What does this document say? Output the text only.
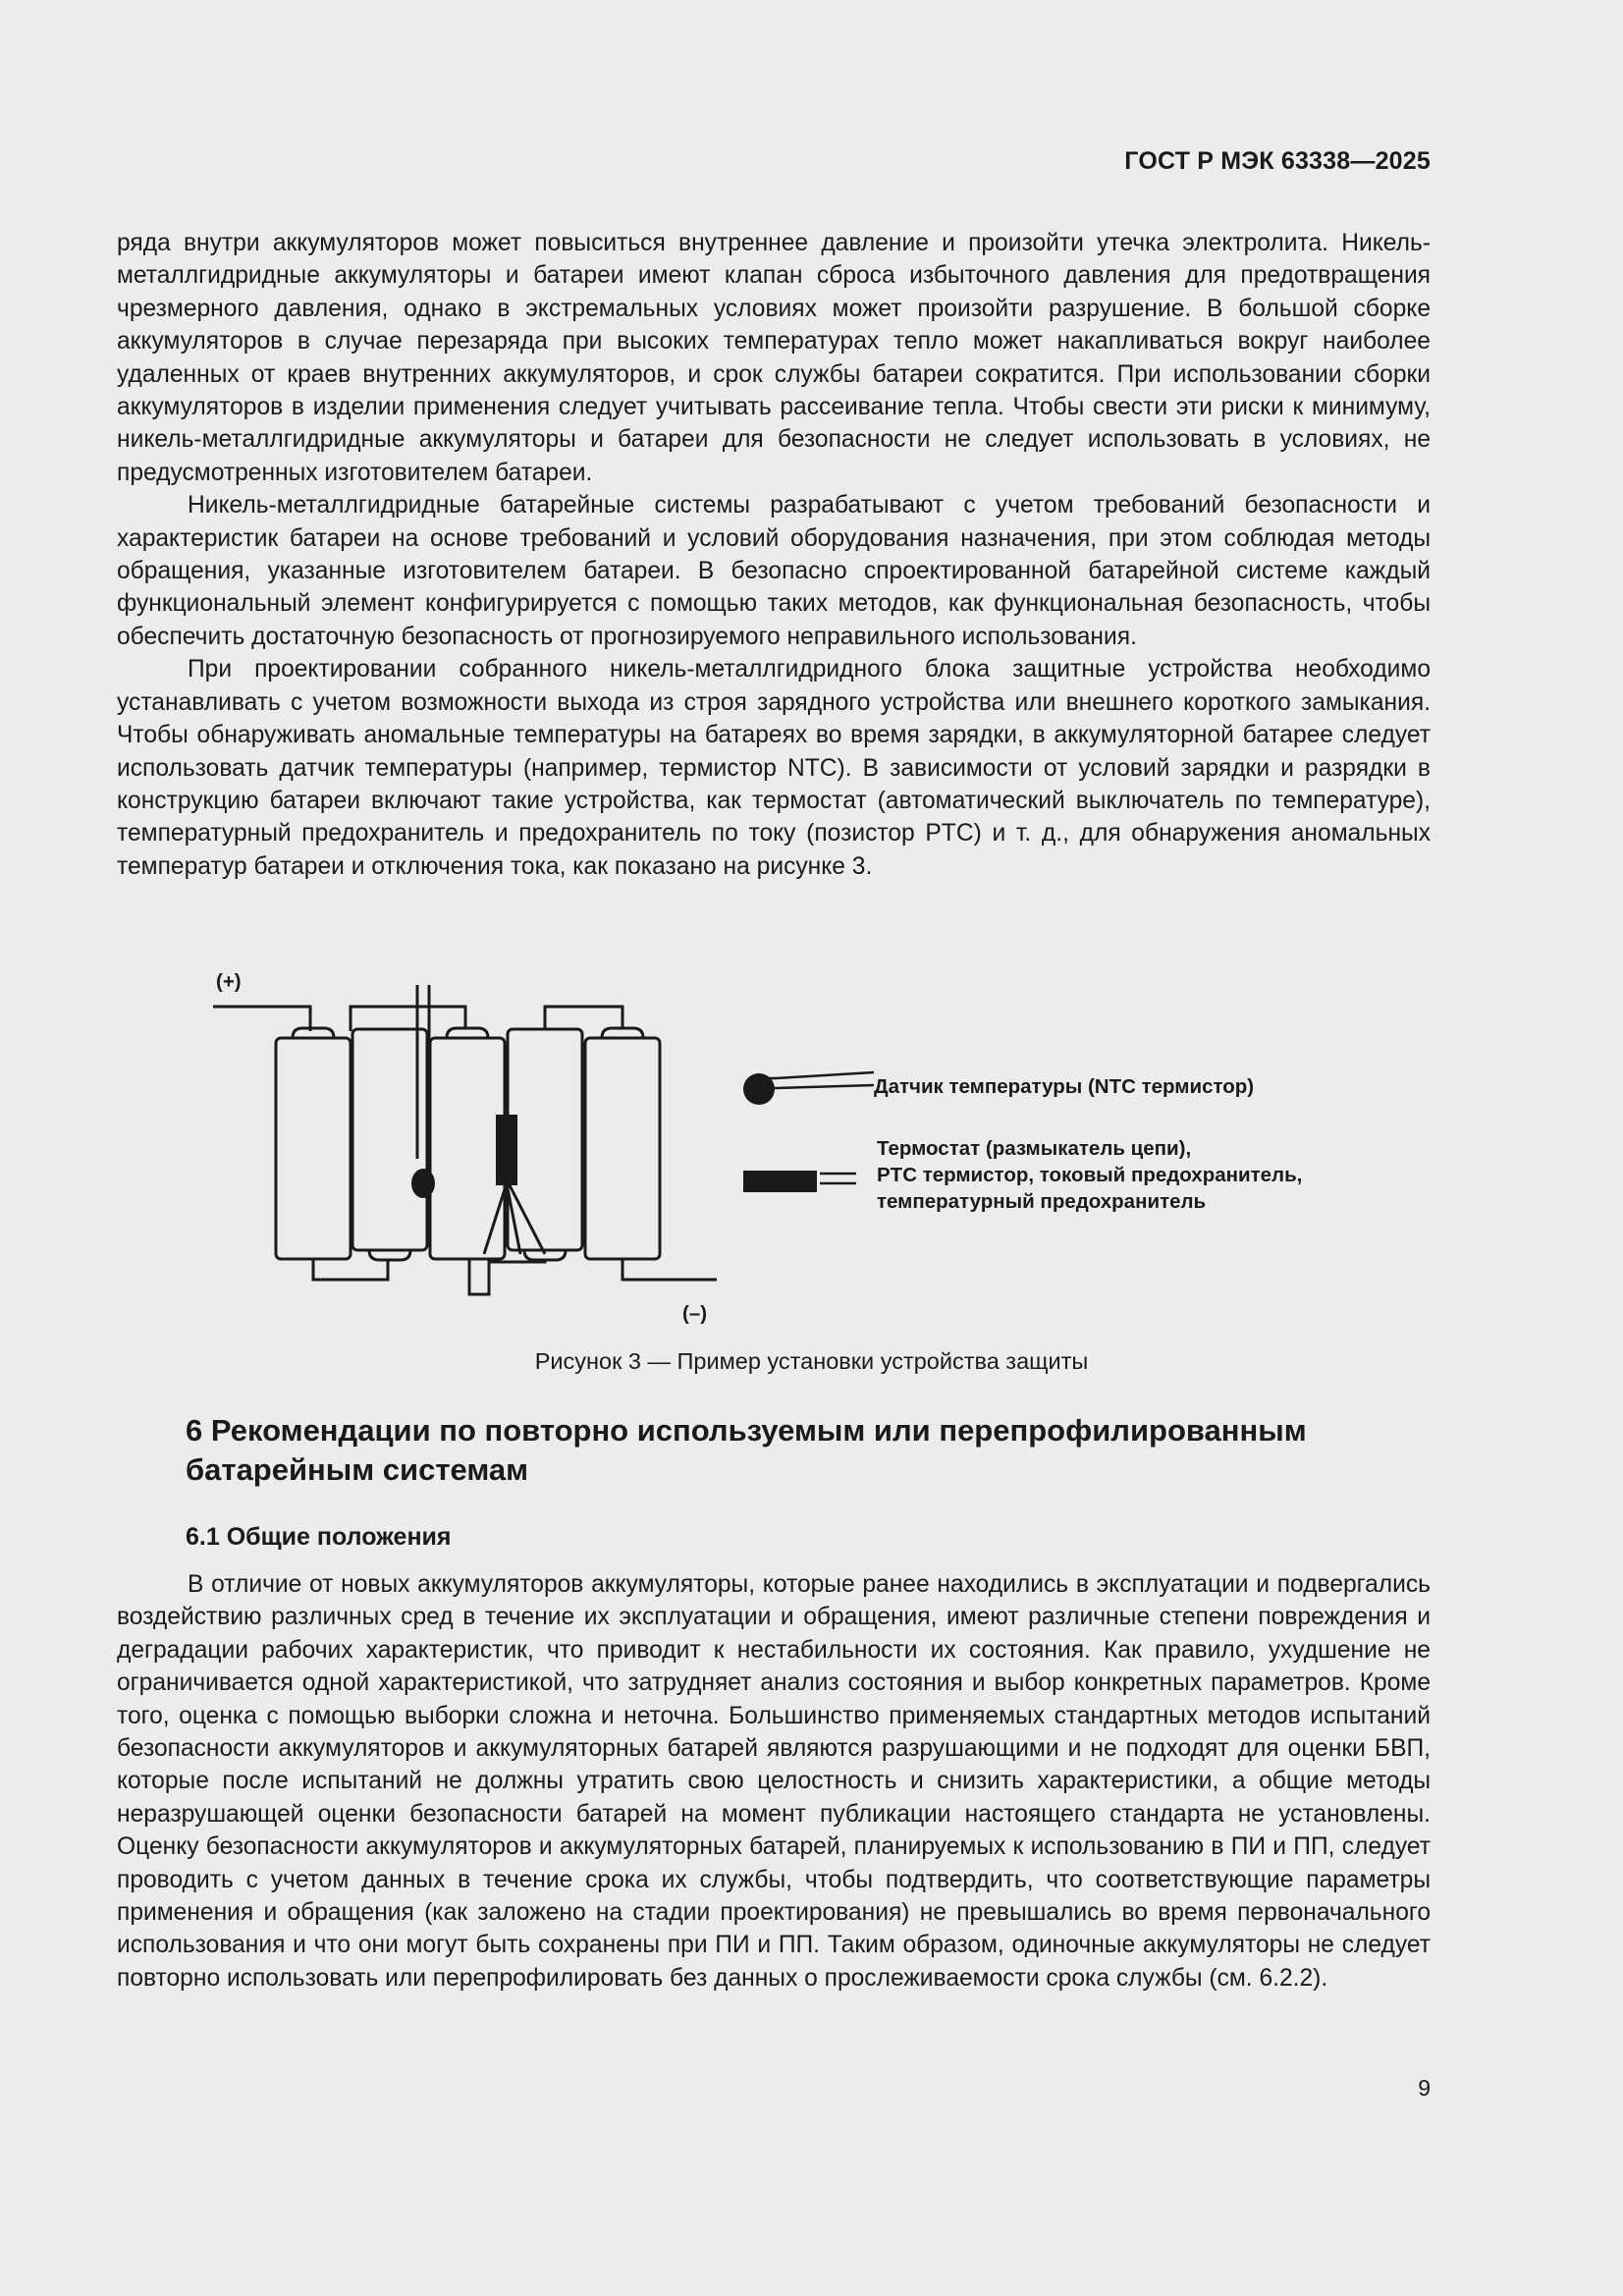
ГОСТ Р МЭК 63338—2025

ряда внутри аккумуляторов может повыситься внутреннее давление и произойти утечка электролита. Никель-металлгидридные аккумуляторы и батареи имеют клапан сброса избыточного давления для предотвращения чрезмерного давления, однако в экстремальных условиях может произойти разрушение. В большой сборке аккумуляторов в случае перезаряда при высоких температурах тепло может накапливаться вокруг наиболее удаленных от краев внутренних аккумуляторов, и срок службы батареи сократится. При использовании сборки аккумуляторов в изделии применения следует учитывать рассеивание тепла. Чтобы свести эти риски к минимуму, никель-металлгидридные аккумуляторы и батареи для безопасности не следует использовать в условиях, не предусмотренных изготовителем батареи.

Никель-металлгидридные батарейные системы разрабатывают с учетом требований безопасности и характеристик батареи на основе требований и условий оборудования назначения, при этом соблюдая методы обращения, указанные изготовителем батареи. В безопасно спроектированной батарейной системе каждый функциональный элемент конфигурируется с помощью таких методов, как функциональная безопасность, чтобы обеспечить достаточную безопасность от прогнозируемого неправильного использования.

При проектировании собранного никель-металлгидридного блока защитные устройства необходимо устанавливать с учетом возможности выхода из строя зарядного устройства или внешнего короткого замыкания. Чтобы обнаруживать аномальные температуры на батареях во время зарядки, в аккумуляторной батарее следует использовать датчик температуры (например, термистор NTC). В зависимости от условий зарядки и разрядки в конструкцию батареи включают такие устройства, как термостат (автоматический выключатель по температуре), температурный предохранитель и предохранитель по току (позистор PTC) и т. д., для обнаружения аномальных температур батареи и отключения тока, как показано на рисунке 3.

(+)
(–)
Датчик температуры (NTC термистор)
Термостат (размыкатель цепи),
PTC термистор, токовый предохранитель,
температурный предохранитель
Рисунок 3 — Пример установки устройства защиты
6 Рекомендации по повторно используемым или перепрофилированным батарейным системам
6.1 Общие положения

В отличие от новых аккумуляторов аккумуляторы, которые ранее находились в эксплуатации и подвергались воздействию различных сред в течение их эксплуатации и обращения, имеют различные степени повреждения и деградации рабочих характеристик, что приводит к нестабильности их состояния. Как правило, ухудшение не ограничивается одной характеристикой, что затрудняет анализ состояния и выбор конкретных параметров. Кроме того, оценка с помощью выборки сложна и неточна. Большинство применяемых стандартных методов испытаний безопасности аккумуляторов и аккумуляторных батарей являются разрушающими и не подходят для оценки БВП, которые после испытаний не должны утратить свою целостность и снизить характеристики, а общие методы неразрушающей оценки безопасности батарей на момент публикации настоящего стандарта не установлены. Оценку безопасности аккумуляторов и аккумуляторных батарей, планируемых к использованию в ПИ и ПП, следует проводить с учетом данных в течение срока их службы, чтобы подтвердить, что соответствующие параметры применения и обращения (как заложено на стадии проектирования) не превышались во время первоначального использования и что они могут быть сохранены при ПИ и ПП. Таким образом, одиночные аккумуляторы не следует повторно использовать или перепрофилировать без данных о прослеживаемости срока службы (см. 6.2.2).

9
